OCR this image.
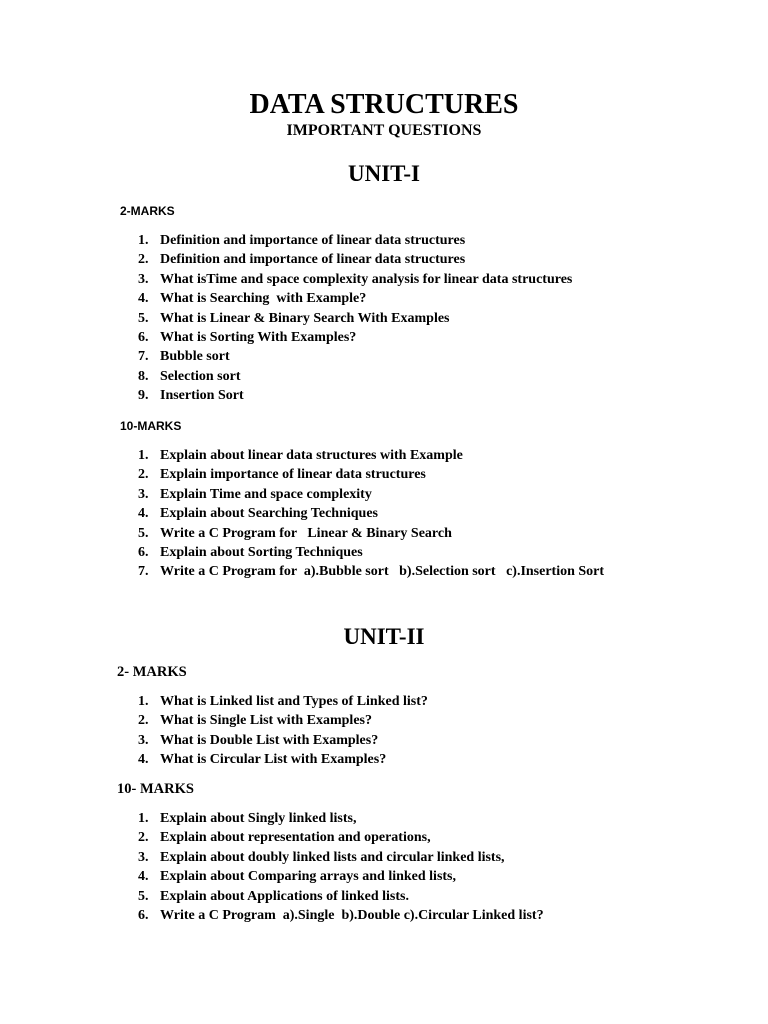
DATA STRUCTURES
IMPORTANT QUESTIONS
UNIT-I

2-MARKS

1. Definition and importance of linear data structures
2. Definition and importance of linear data structures
3. What isTime and space complexity analysis for linear data structures
4. What is Searching  with Example?
5. What is Linear & Binary Search With Examples
6. What is Sorting With Examples?
7. Bubble sort
8. Selection sort
9. Insertion Sort

10-MARKS

1. Explain about linear data structures with Example
2. Explain importance of linear data structures
3. Explain Time and space complexity
4. Explain about Searching Techniques
5. Write a C Program for   Linear & Binary Search
6. Explain about Sorting Techniques
7. Write a C Program for  a).Bubble sort   b).Selection sort   c).Insertion Sort
UNIT-II

2- MARKS

1. What is Linked list and Types of Linked list?
2. What is Single List with Examples?
3. What is Double List with Examples?
4. What is Circular List with Examples?

10- MARKS

1. Explain about Singly linked lists,
2. Explain about representation and operations,
3. Explain about doubly linked lists and circular linked lists,
4. Explain about Comparing arrays and linked lists,
5. Explain about Applications of linked lists.
6. Write a C Program  a).Single  b).Double c).Circular Linked list?
